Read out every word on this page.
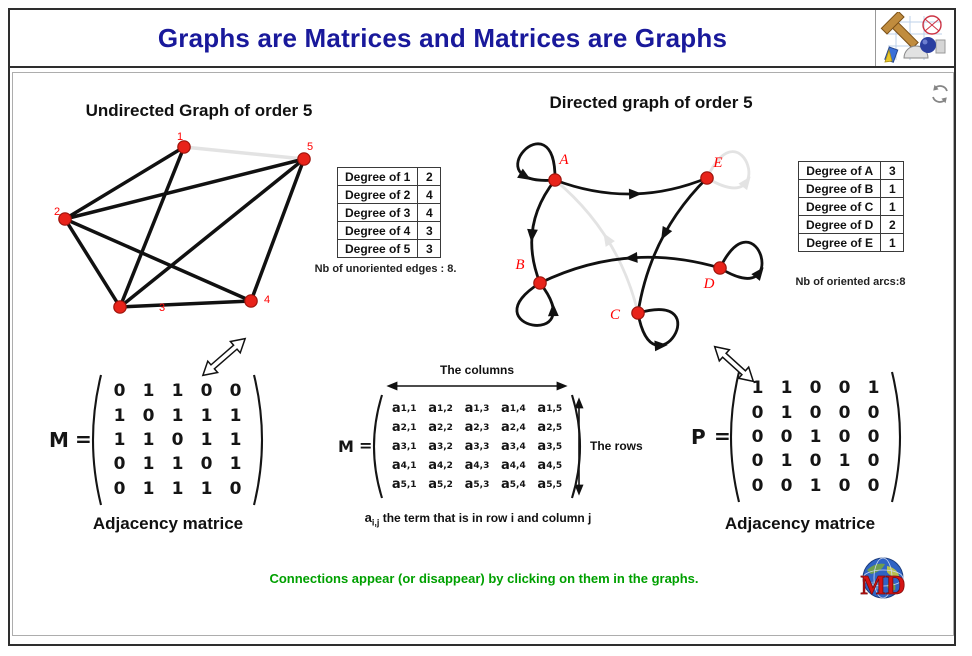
Graphs are Matrices and Matrices are Graphs
1
2
3
4
5
A
B
C
D
E
Undirected Graph of order 5	Directed graph of order 5
Degree of 1	2
Degree of 2	4
Degree of 3	4
Degree of 4	3
Degree of 5	3
Degree of A	3
Degree of B	1
Degree of C	1
Degree of D	2
Degree of E	1
Nb of unoriented edges : 8.
Nb of oriented arcs:8
M =
0	1	1	0	0
1	0	1	1	1
1	1	0	1	1
0	1	1	0	1
0	1	1	1	0
Adjacency matrice
The columns
M =
a 1,1 a 1,2 a 1,3 a 1,4 a 1,5
a 2,1 a 2,2 a 2,3 a 2,4 a 2,5
a 3,1 a 3,2 a 3,3 a 3,4 a 3,5
a 4,1 a 4,2 a 4,3 a 4,4 a 4,5
a 5,1 a 5,2 a 5,3 a 5,4 a 5,5
The rows
$a_{i,j}$ the term that is in row i and column j
P =
1	1	0	0	1
0	1	0	0	0
0	0	1	0	0
0	1	0	1	0
0	0	1	0	0
Adjacency matrice
Connections appear (or disappear) by clicking on them in the graphs.	MD
